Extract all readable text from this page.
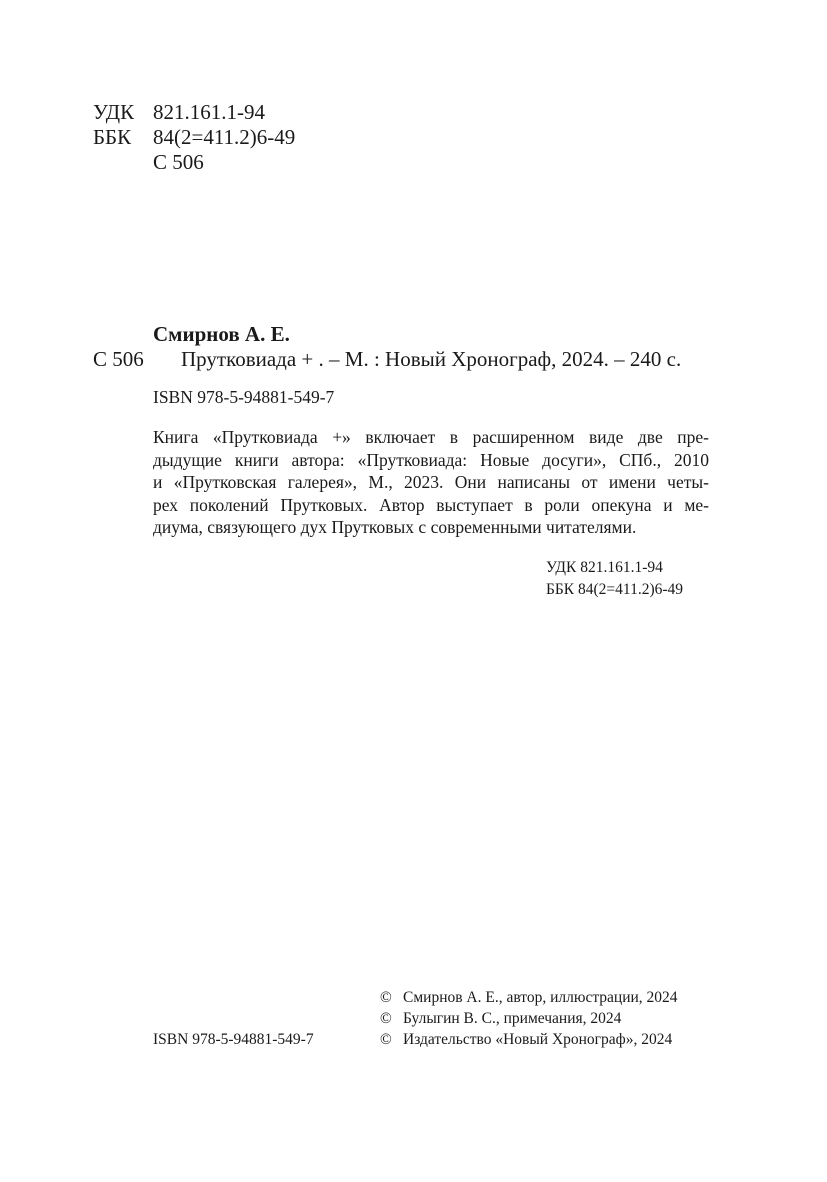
УДК 821.161.1-94
ББК 84(2=411.2)6-49
С 506
Смирнов А. Е.
С 506 Прутковиада + . – М. : Новый Хронограф, 2024. – 240 с.
ISBN 978-5-94881-549-7
Книга «Прутковиада +» включает в расширенном виде две пре-
дыдущие книги автора: «Прутковиада: Новые досуги», СПб., 2010
и «Прутковская галерея», М., 2023. Они написаны от имени четы-
рех поколений Прутковых. Автор выступает в роли опекуна и ме-
диума, связующего дух Прутковых с современными читателями.
УДК 821.161.1-94
ББК 84(2=411.2)6-49
ISBN 978-5-94881-549-7
© Смирнов А. Е., автор, иллюстрации, 2024
© Булыгин В. С., примечания, 2024
© Издательство «Новый Хронограф», 2024
